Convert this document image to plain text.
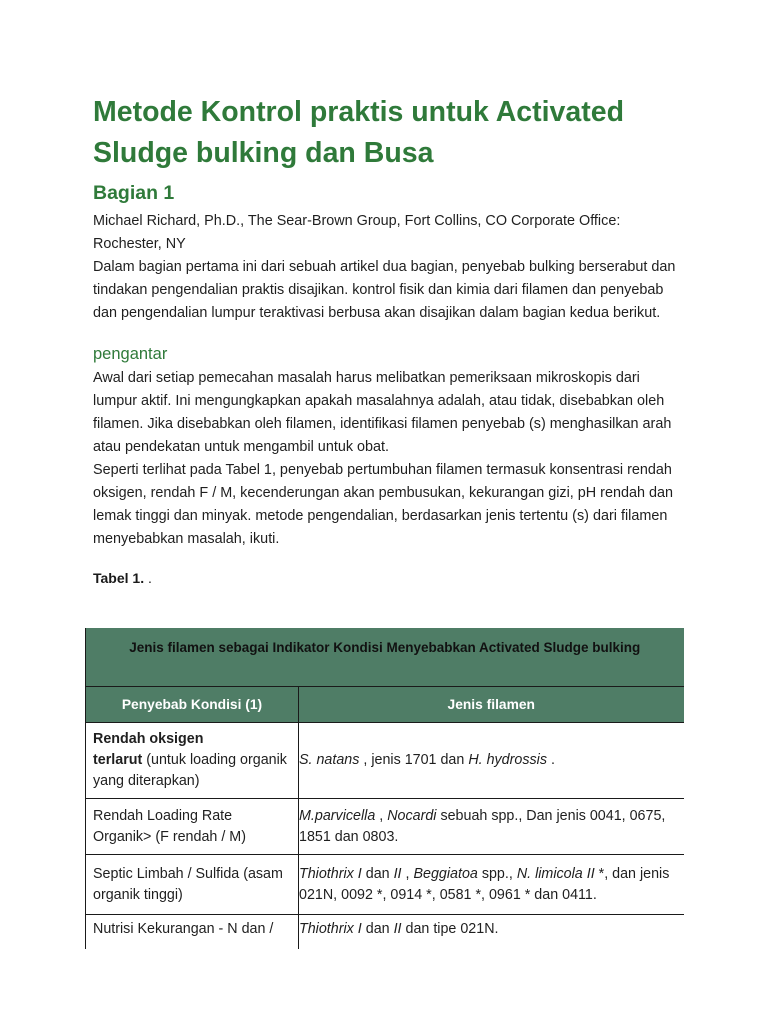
Metode Kontrol praktis untuk Activated Sludge bulking dan Busa
Bagian 1

Michael Richard, Ph.D., The Sear-Brown Group, Fort Collins, CO Corporate Office: Rochester, NY

Dalam bagian pertama ini dari sebuah artikel dua bagian, penyebab bulking berserabut dan tindakan pengendalian praktis disajikan. kontrol fisik dan kimia dari filamen dan penyebab dan pengendalian lumpur teraktivasi berbusa akan disajikan dalam bagian kedua berikut.

pengantar

Awal dari setiap pemecahan masalah harus melibatkan pemeriksaan mikroskopis dari lumpur aktif. Ini mengungkapkan apakah masalahnya adalah, atau tidak, disebabkan oleh filamen. Jika disebabkan oleh filamen, identifikasi filamen penyebab (s) menghasilkan arah atau pendekatan untuk mengambil untuk obat.

Seperti terlihat pada Tabel 1, penyebab pertumbuhan filamen termasuk konsentrasi rendah oksigen, rendah F / M, kecenderungan akan pembusukan, kekurangan gizi, pH rendah dan lemak tinggi dan minyak. metode pengendalian, berdasarkan jenis tertentu (s) dari filamen menyebabkan masalah, ikuti.

Tabel 1. .

Jenis filamen sebagai Indikator Kondisi Menyebabkan Activated Sludge bulking	
Penyebab Kondisi (1)	Jenis filamen
Rendah oksigen
terlarut (untuk loading organik yang diterapkan)	S. natans , jenis 1701 dan H. hydrossis .
Rendah Loading Rate Organik> (F rendah / M)	M.parvicella , Nocardi sebuah spp., Dan jenis 0041, 0675, 1851 dan 0803.
Septic Limbah / Sulfida (asam organik tinggi)	Thiothrix I dan II , Beggiatoa spp., N. limicola II *, dan jenis 021N, 0092 *, 0914 *, 0581 *, 0961 * dan 0411.
Nutrisi Kekurangan - N dan /	Thiothrix I dan II dan tipe 021N.
